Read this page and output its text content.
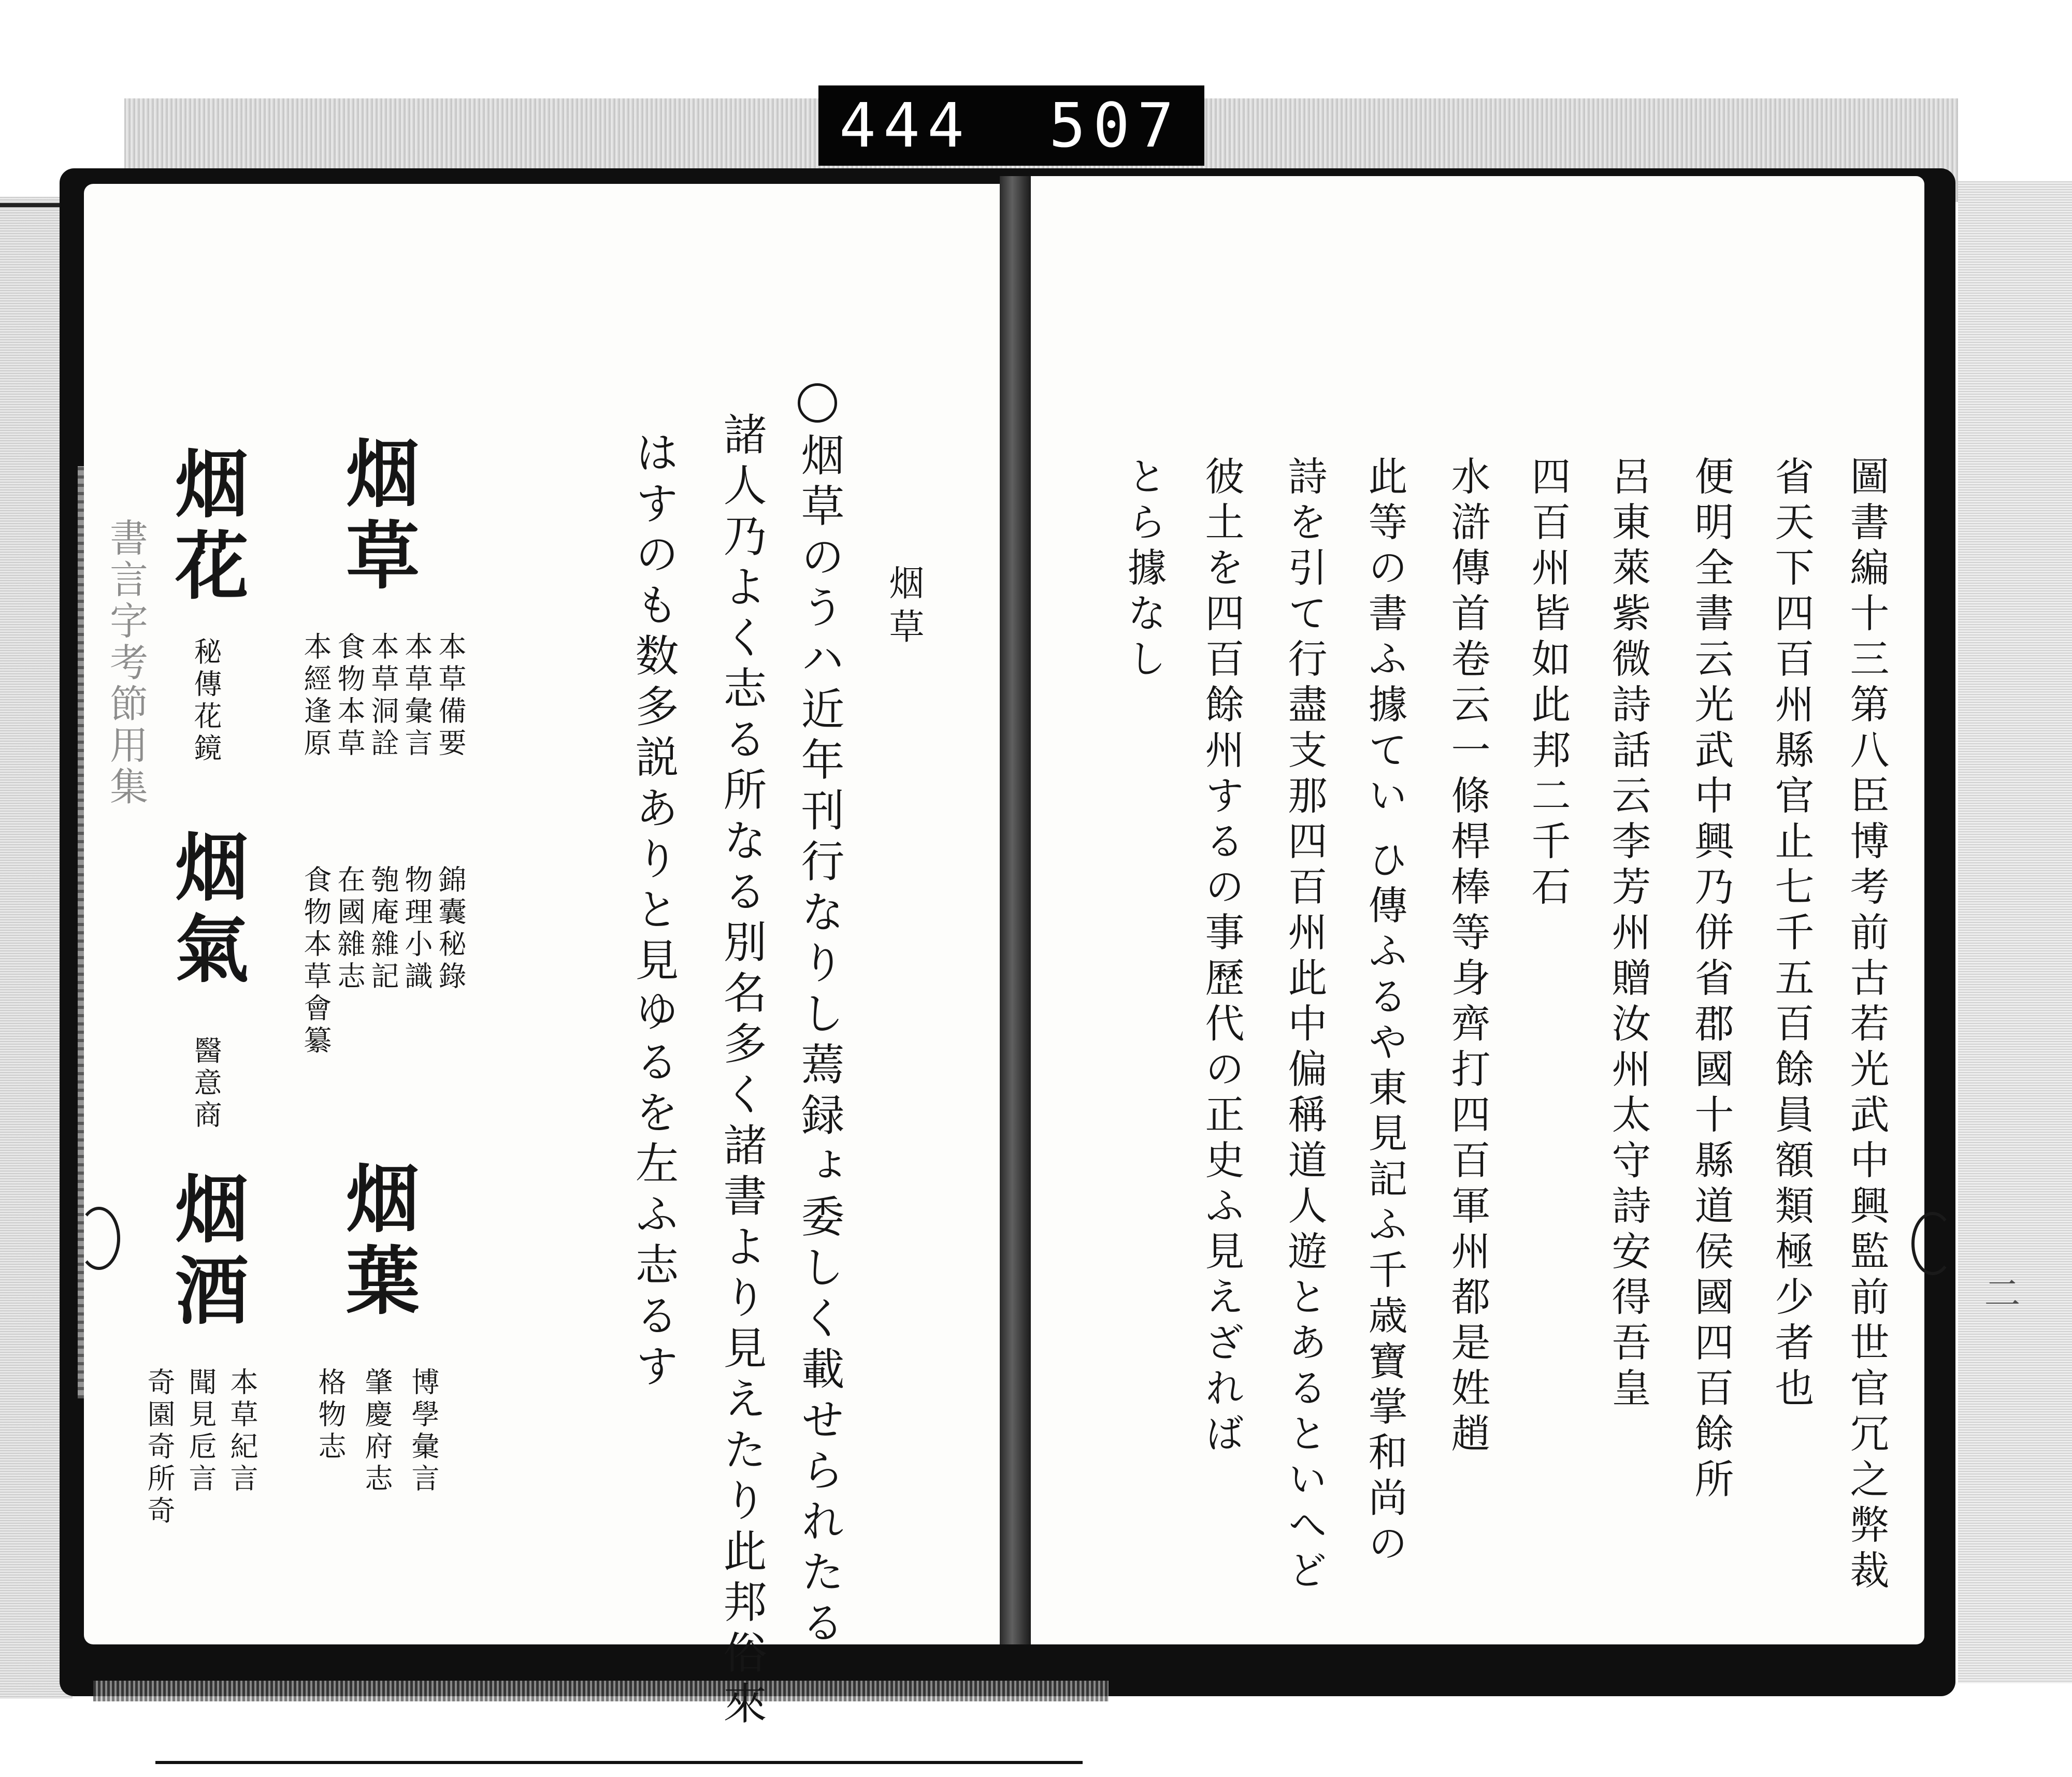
444 507
書言字考節用集	烟草
烟草のうハ近年刊行なりし蔫録ょ委しく載せられたる
諸人乃よく志る所なる別名多く諸書より見えたり此邦俗來
はすのも数多説ありと見ゆるを左ふ志るす
烟草
本草備要
本草彙言
本草洞詮
食物本草
本經逢原
錦囊秘錄
物理小識
匏庵雜記
在國雜志
食物本草會纂
烟葉
博學彙言
肇慶府志
格物志
烟花
秘傳花鏡
烟氣
醫意商
烟酒
本草紀言
聞見卮言
奇園奇所奇	圖書編十三第八臣博考前古若光武中興監前世官冗之弊裁
省天下四百州縣官止七千五百餘員額類極少者也
便明全書云光武中興乃併省郡國十縣道侯國四百餘所
呂東萊紫微詩話云李芳州贈汝州太守詩安得吾皇
四百州皆如此邦二千石
水滸傳首卷云一條桿棒等身齊打四百軍州都是姓趙
此等の書ふ據てい ひ傳ふるや東見記ふ千歳寶掌和尚の
詩を引て行盡支那四百州此中偏稱道人遊とあるといへど
彼土を四百餘州するの事歷代の正史ふ見えざれば
とら據なし
二
